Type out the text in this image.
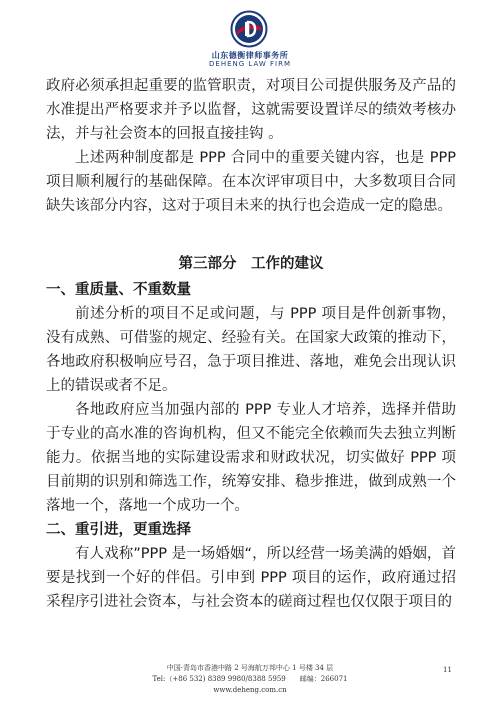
山东德衡律师事务所
DEHENG LAW FIRM

政府必须承担起重要的监管职责，对项目公司提供服务及产品的水准提出严格要求并予以监督，这就需要设置详尽的绩效考核办法，并与社会资本的回报直接挂钩 。

上述两种制度都是 PPP 合同中的重要关键内容，也是 PPP 项目顺利履行的基础保障。在本次评审项目中，大多数项目合同缺失该部分内容，这对于项目未来的执行也会造成一定的隐患。

第三部分　工作的建议

一、重质量、不重数量

前述分析的项目不足或问题，与 PPP 项目是件创新事物，没有成熟、可借鉴的规定、经验有关。在国家大政策的推动下，各地政府积极响应号召，急于项目推进、落地，难免会出现认识上的错误或者不足。

各地政府应当加强内部的 PPP 专业人才培养，选择并借助于专业的高水准的咨询机构，但又不能完全依赖而失去独立判断能力。依据当地的实际建设需求和财政状况，切实做好 PPP 项目前期的识别和筛选工作，统筹安排、稳步推进，做到成熟一个落地一个，落地一个成功一个。

二、重引进，更重选择

有人戏称”PPP 是一场婚姻“，所以经营一场美满的婚姻，首要是找到一个好的伴侣。引申到 PPP 项目的运作，政府通过招采程序引进社会资本，与社会资本的磋商过程也仅仅限于项目的

中国·青岛市香港中路 2 号海航万邦中心 1 号楼 34 层
Tel:（+86 532) 8389 9980/8388 5959　　邮编：266071
www.deheng.com.cn
11
